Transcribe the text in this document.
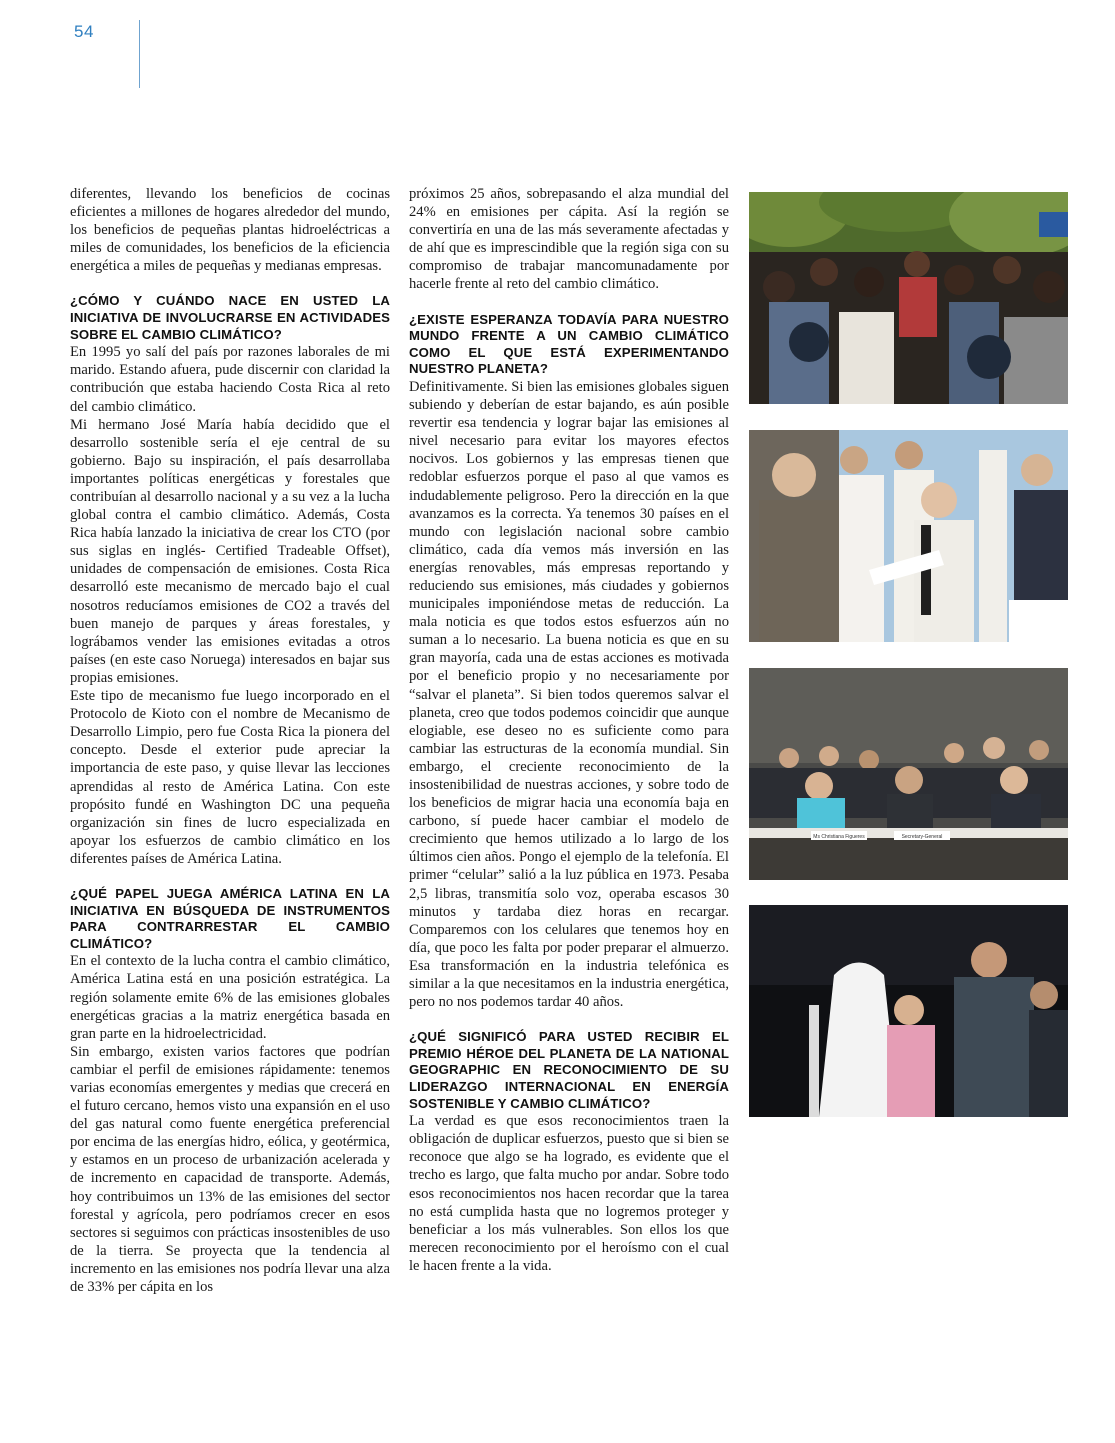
54

diferentes, llevando los beneficios de cocinas eficientes a millones de hogares alrededor del mundo, los beneficios de pequeñas plantas hidroeléctricas a miles de comunidades, los beneficios de la eficiencia energética a miles de pequeñas y medianas empresas.

¿CÓMO Y CUÁNDO NACE EN USTED LA INICIATIVA DE INVOLUCRARSE EN ACTIVIDADES SOBRE EL CAMBIO CLIMÁTICO?

En 1995 yo salí del país por razones laborales de mi marido. Estando afuera, pude discernir con claridad la contribución que estaba haciendo Costa Rica al reto del cambio climático.

Mi hermano José María había decidido que el desarrollo sostenible sería el eje central de su gobierno. Bajo su inspiración, el país desarrollaba importantes políticas energéticas y forestales que contribuían al desarrollo nacional y a su vez a la lucha global contra el cambio climático. Además, Costa Rica había lanzado la iniciativa de crear los CTO (por sus siglas en inglés- Certified Tradeable Offset), unidades de compensación de emisiones. Costa Rica desarrolló este mecanismo de mercado bajo el cual nosotros reducíamos emisiones de CO2 a través del buen manejo de parques y áreas forestales, y lográbamos vender las emisiones evitadas a otros países (en este caso Noruega) interesados en bajar sus propias emisiones.

Este tipo de mecanismo fue luego incorporado en el Protocolo de Kioto con el nombre de Mecanismo de Desarrollo Limpio, pero fue Costa Rica la pionera del concepto. Desde el exterior pude apreciar la importancia de este paso, y quise llevar las lecciones aprendidas al resto de América Latina. Con este propósito fundé en Washington DC una pequeña organización sin fines de lucro especializada en apoyar los esfuerzos de cambio climático en los diferentes países de América Latina.

¿QUÉ PAPEL JUEGA AMÉRICA LATINA EN LA INICIATIVA EN BÚSQUEDA DE INSTRUMENTOS PARA CONTRARRESTAR EL CAMBIO CLIMÁTICO?

En el contexto de la lucha contra el cambio climático, América Latina está en una posición estratégica. La región solamente emite 6% de las emisiones globales energéticas gracias a la matriz energética basada en gran parte en la hidroelectricidad.

Sin embargo, existen varios factores que podrían cambiar el perfil de emisiones rápidamente: tenemos varias economías emergentes y medias que crecerá en el futuro cercano, hemos visto una expansión en el uso del gas natural como fuente energética preferencial por encima de las energías hidro, eólica, y geotérmica, y estamos en un proceso de urbanización acelerada y de incremento en capacidad de transporte. Además, hoy contribuimos un 13% de las emisiones del sector forestal y agrícola, pero podríamos crecer en esos sectores si seguimos con prácticas insostenibles de uso de la tierra. Se proyecta que la tendencia al incremento en las emisiones nos podría llevar una alza de 33% per cápita en los

próximos 25 años, sobrepasando el alza mundial del 24% en emisiones per cápita. Así la región se convertiría en una de las más severamente afectadas y de ahí que es imprescindible que la región siga con su compromiso de trabajar mancomunadamente por hacerle frente al reto del cambio climático.

¿EXISTE ESPERANZA TODAVÍA PARA NUESTRO MUNDO FRENTE A UN CAMBIO CLIMÁTICO COMO EL QUE ESTÁ EXPERIMENTANDO NUESTRO PLANETA?

Definitivamente. Si bien las emisiones globales siguen subiendo y deberían de estar bajando, es aún posible revertir esa tendencia y lograr bajar las emisiones al nivel necesario para evitar los mayores efectos nocivos. Los gobiernos y las empresas tienen que redoblar esfuerzos porque el paso al que vamos es indudablemente peligroso. Pero la dirección en la que avanzamos es la correcta. Ya tenemos 30 países en el mundo con legislación nacional sobre cambio climático, cada día vemos más inversión en las energías renovables, más empresas reportando y reduciendo sus emisiones, más ciudades y gobiernos municipales imponiéndose metas de reducción. La mala noticia es que todos estos esfuerzos aún no suman a lo necesario. La buena noticia es que en su gran mayoría, cada una de estas acciones es motivada por el beneficio propio y no necesariamente por “salvar el planeta”. Si bien todos queremos salvar el planeta, creo que todos podemos coincidir que aunque elogiable, ese deseo no es suficiente como para cambiar las estructuras de la economía mundial. Sin embargo, el creciente reconocimiento de la insostenibilidad de nuestras acciones, y sobre todo de los beneficios de migrar hacia una economía baja en carbono, sí puede hacer cambiar el modelo de crecimiento que hemos utilizado a lo largo de los últimos cien años. Pongo el ejemplo de la telefonía. El primer “celular” salió a la luz pública en 1973. Pesaba 2,5 libras, transmitía solo voz, operaba escasos 30 minutos y tardaba diez horas en recargar. Comparemos con los celulares que tenemos hoy en día, que poco les falta por poder preparar el almuerzo. Esa transformación en la industria telefónica es similar a la que necesitamos en la industria energética, pero no nos podemos tardar 40 años.

¿QUÉ SIGNIFICÓ PARA USTED RECIBIR EL PREMIO HÉROE DEL PLANETA DE LA NATIONAL GEOGRAPHIC EN RECONOCIMIENTO DE SU LIDERAZGO INTERNACIONAL EN ENERGÍA SOSTENIBLE Y CAMBIO CLIMÁTICO?

La verdad es que esos reconocimientos traen la obligación de duplicar esfuerzos, puesto que si bien se reconoce que algo se ha logrado, es evidente que el trecho es largo, que falta mucho por andar. Sobre todo esos reconocimientos nos hacen recordar que la tarea no está cumplida hasta que no logremos proteger y beneficiar a los más vulnerables. Son ellos los que merecen reconocimiento por el heroísmo con el cual le hacen frente a la vida.

Ms Christiana Figueres	Secretary-General
